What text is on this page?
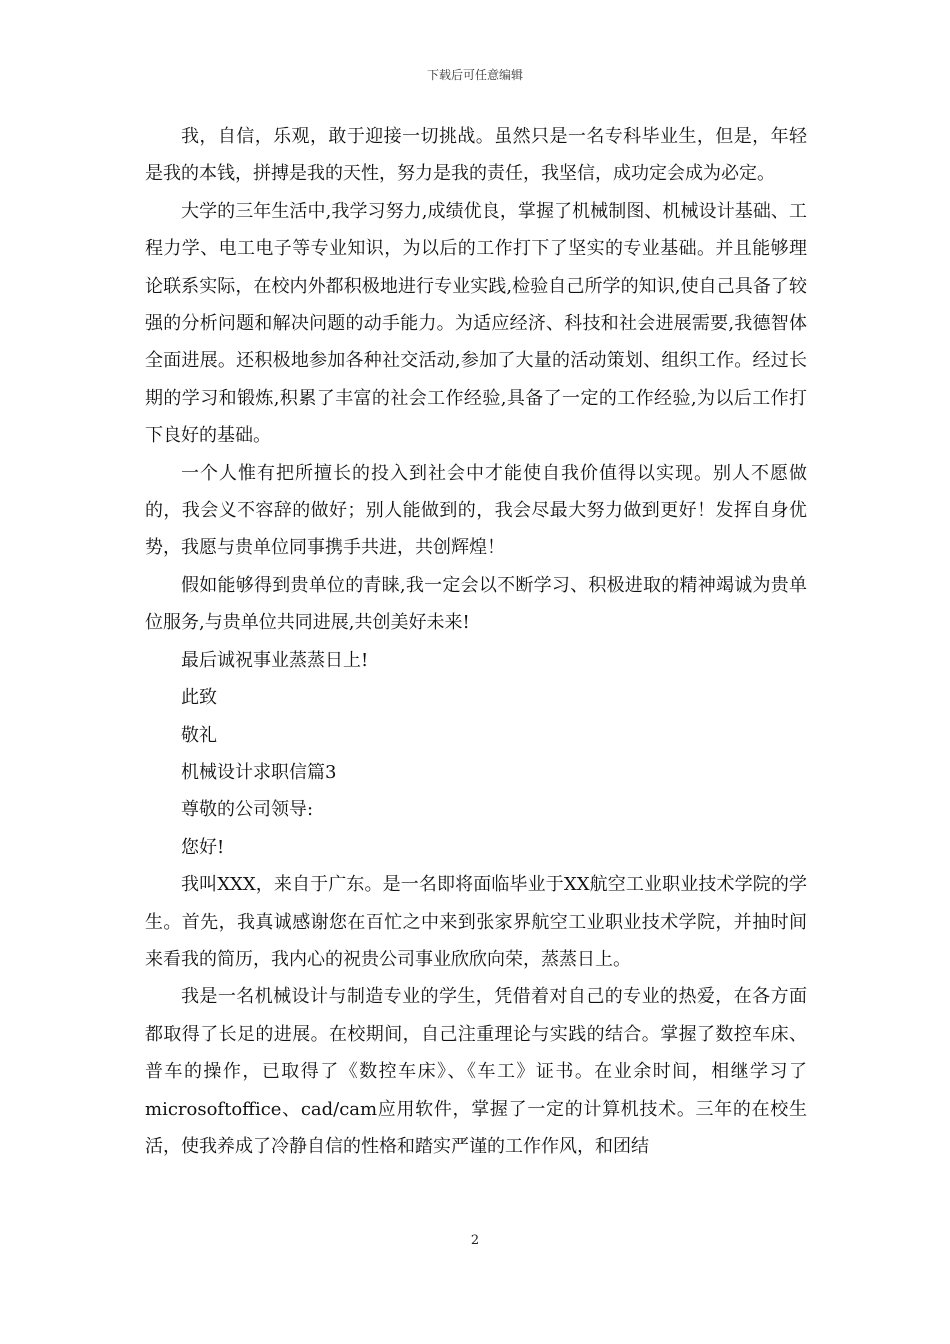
下载后可任意编辑

我，自信，乐观，敢于迎接一切挑战。虽然只是一名专科毕业生，但是，年轻是我的本钱，拼搏是我的天性，努力是我的责任，我坚信，成功定会成为必定。

大学的三年生活中,我学习努力,成绩优良，掌握了机械制图、机械设计基础、工程力学、电工电子等专业知识，为以后的工作打下了坚实的专业基础。并且能够理论联系实际，在校内外都积极地进行专业实践,检验自己所学的知识,使自己具备了较强的分析问题和解决问题的动手能力。为适应经济、科技和社会进展需要,我德智体全面进展。还积极地参加各种社交活动,参加了大量的活动策划、组织工作。经过长期的学习和锻炼,积累了丰富的社会工作经验,具备了一定的工作经验,为以后工作打下良好的基础。

一个人惟有把所擅长的投入到社会中才能使自我价值得以实现。别人不愿做的，我会义不容辞的做好；别人能做到的，我会尽最大努力做到更好！发挥自身优势，我愿与贵单位同事携手共进，共创辉煌！

假如能够得到贵单位的青睐,我一定会以不断学习、积极进取的精神竭诚为贵单位服务,与贵单位共同进展,共创美好未来!

最后诚祝事业蒸蒸日上!

此致

敬礼

机械设计求职信篇3

尊敬的公司领导:

您好!

我叫XXX，来自于广东。是一名即将面临毕业于XX航空工业职业技术学院的学生。首先，我真诚感谢您在百忙之中来到张家界航空工业职业技术学院，并抽时间来看我的简历，我内心的祝贵公司事业欣欣向荣，蒸蒸日上。

我是一名机械设计与制造专业的学生，凭借着对自己的专业的热爱，在各方面都取得了长足的进展。在校期间，自己注重理论与实践的结合。掌握了数控车床、普车的操作，已取得了《数控车床》、《车工》证书。在业余时间，相继学习了microsoftoffice、cad/cam应用软件，掌握了一定的计算机技术。三年的在校生活，使我养成了冷静自信的性格和踏实严谨的工作作风，和团结

2
